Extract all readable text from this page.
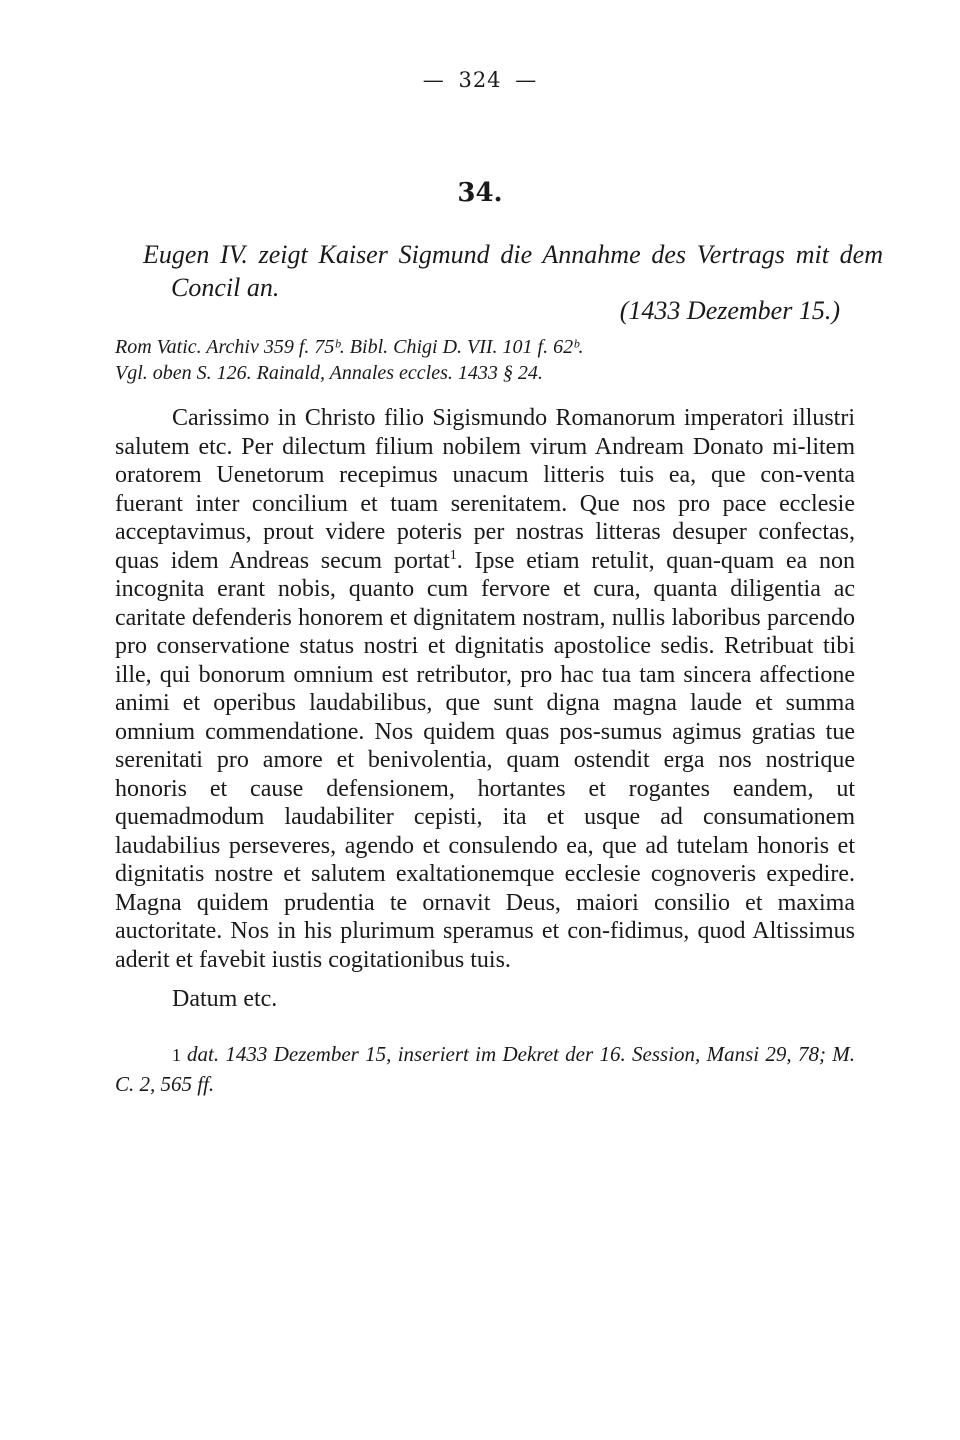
— 324 —
34.
Eugen IV. zeigt Kaiser Sigmund die Annahme des Vertrags mit dem Concil an.
(1433 Dezember 15.)
Rom Vatic. Archiv 359 f. 75ᵇ. Bibl. Chigi D. VII. 101 f. 62ᵇ.
Vgl. oben S. 126. Rainald, Annales eccles. 1433 § 24.
Carissimo in Christo filio Sigismundo Romanorum imperatori illustri salutem etc. Per dilectum filium nobilem virum Andream Donato mi-litem oratorem Uenetorum recepimus unacum litteris tuis ea, que con-venta fuerant inter concilium et tuam serenitatem. Que nos pro pace ecclesie acceptavimus, prout videre poteris per nostras litteras desuper confectas, quas idem Andreas secum portat$^1$. Ipse etiam retulit, quan-quam ea non incognita erant nobis, quanto cum fervore et cura, quanta diligentia ac caritate defenderis honorem et dignitatem nostram, nullis laboribus parcendo pro conservatione status nostri et dignitatis apostolice sedis. Retribuat tibi ille, qui bonorum omnium est retributor, pro hac tua tam sincera affectione animi et operibus laudabilibus, que sunt digna magna laude et summa omnium commendatione. Nos quidem quas pos-sumus agimus gratias tue serenitati pro amore et benivolentia, quam ostendit erga nos nostrique honoris et cause defensionem, hortantes et rogantes eandem, ut quemadmodum laudabiliter cepisti, ita et usque ad consumationem laudabilius perseveres, agendo et consulendo ea, que ad tutelam honoris et dignitatis nostre et salutem exaltationemque ecclesie cognoveris expedire. Magna quidem prudentia te ornavit Deus, maiori consilio et maxima auctoritate. Nos in his plurimum speramus et con-fidimus, quod Altissimus aderit et favebit iustis cogitationibus tuis.
Datum etc.
1 dat. 1433 Dezember 15, inseriert im Dekret der 16. Session, Mansi 29, 78; M. C. 2, 565 ff.
